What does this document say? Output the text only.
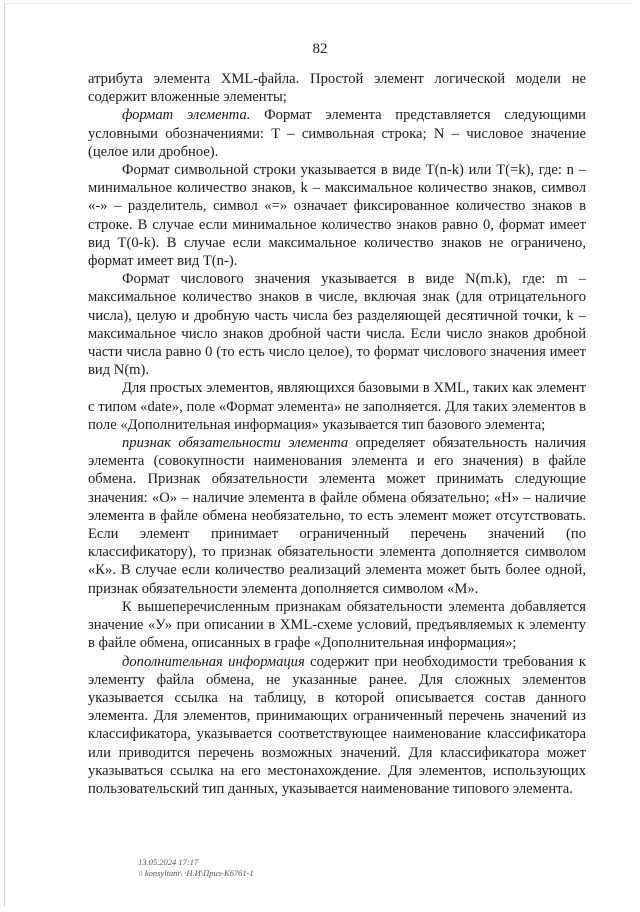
82

атрибута элемента XML-файла. Простой элемент логической модели не содержит вложенные элементы;

формат элемента. Формат элемента представляется следующими условными обозначениями: T – символьная строка; N – числовое значение (целое или дробное).

Формат символьной строки указывается в виде T(n-k) или T(=k), где: n – минимальное количество знаков, k – максимальное количество знаков, символ «-» – разделитель, символ «=» означает фиксированное количество знаков в строке. В случае если минимальное количество знаков равно 0, формат имеет вид T(0-k). В случае если максимальное количество знаков не ограничено, формат имеет вид T(n-).

Формат числового значения указывается в виде N(m.k), где: m – максимальное количество знаков в числе, включая знак (для отрицательного числа), целую и дробную часть числа без разделяющей десятичной точки, k – максимальное число знаков дробной части числа. Если число знаков дробной части числа равно 0 (то есть число целое), то формат числового значения имеет вид N(m).

Для простых элементов, являющихся базовыми в XML, таких как элемент с типом «date», поле «Формат элемента» не заполняется. Для таких элементов в поле «Дополнительная информация» указывается тип базового элемента;

признак обязательности элемента определяет обязательность наличия элемента (совокупности наименования элемента и его значения) в файле обмена. Признак обязательности элемента может принимать следующие значения: «О» – наличие элемента в файле обмена обязательно; «Н» – наличие элемента в файле обмена необязательно, то есть элемент может отсутствовать. Если элемент принимает ограниченный перечень значений (по классификатору), то признак обязательности элемента дополняется символом «К». В случае если количество реализаций элемента может быть более одной, признак обязательности элемента дополняется символом «М».

К вышеперечисленным признакам обязательности элемента добавляется значение «У» при описании в XML-схеме условий, предъявляемых к элементу в файле обмена, описанных в графе «Дополнительная информация»;

дополнительная информация содержит при необходимости требования к элементу файла обмена, не указанные ранее. Для сложных элементов указывается ссылка на таблицу, в которой описывается состав данного элемента. Для элементов, принимающих ограниченный перечень значений из классификатора, указывается соответствующее наименование классификатора или приводится перечень возможных значений. Для классификатора может указываться ссылка на его местонахождение. Для элементов, использующих пользовательский тип данных, указывается наименование типового элемента.

13.05.2024 17:17
\\ konsyltant\ ·Н.И\Приз-К6761-1
